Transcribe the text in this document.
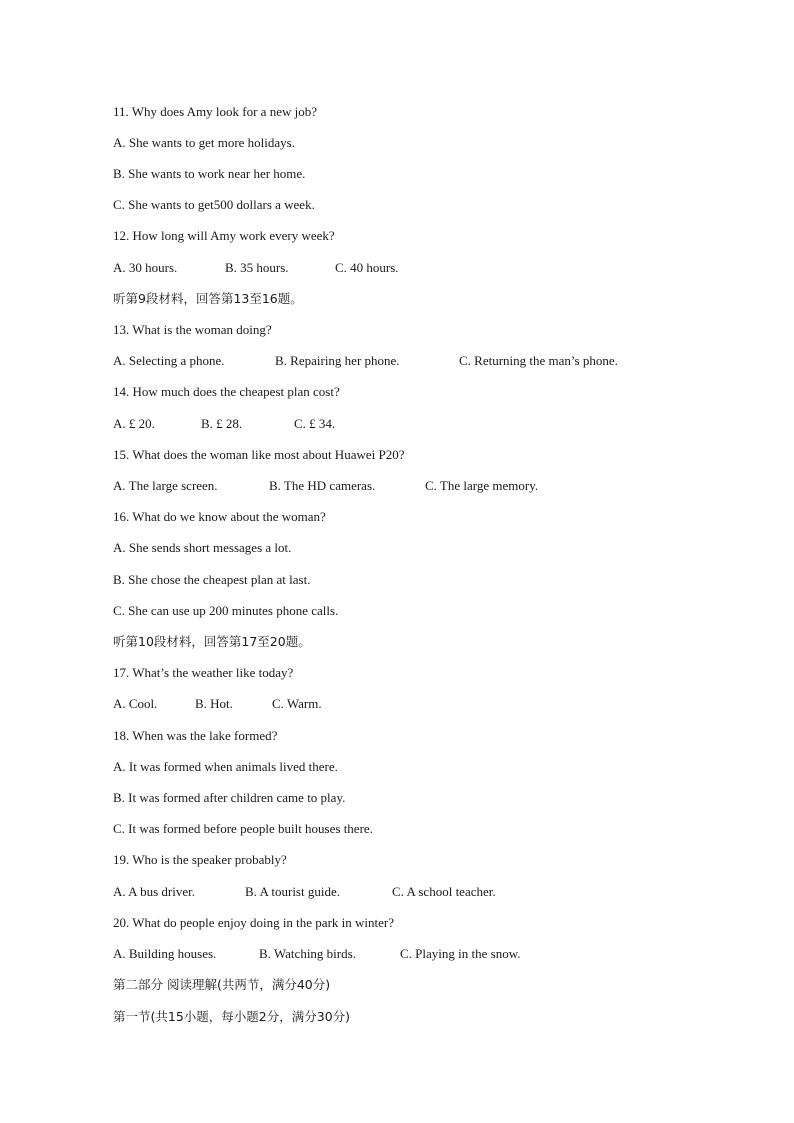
11. Why does Amy look for a new job?
A. She wants to get more holidays.
B. She wants to work near her home.
C. She wants to get500 dollars a week.
12. How long will Amy work every week?
A. 30 hours.	B. 35 hours.	C. 40 hours.
听第9段材料，回答第13至16题。
13. What is the woman doing?
A. Selecting a phone.	B. Repairing her phone.	C. Returning the man’s phone.
14. How much does the cheapest plan cost?
A. £ 20.	B. £ 28.	C. £ 34.
15. What does the woman like most about Huawei P20?
A. The large screen.	B. The HD cameras.	C. The large memory.
16. What do we know about the woman?
A. She sends short messages a lot.
B. She chose the cheapest plan at last.
C. She can use up 200 minutes phone calls.
听第10段材料，回答第17至20题。
17. What’s the weather like today?
A. Cool.	B. Hot.	C. Warm.
18. When was the lake formed?
A. It was formed when animals lived there.
B. It was formed after children came to play.
C. It was formed before people built houses there.
19. Who is the speaker probably?
A. A bus driver.	B. A tourist guide.	C. A school teacher.
20. What do people enjoy doing in the park in winter?
A. Building houses.	B. Watching birds.	C. Playing in the snow.
第二部分 阅读理解(共两节，满分40分)
第一节(共15小题，每小题2分，满分30分)
